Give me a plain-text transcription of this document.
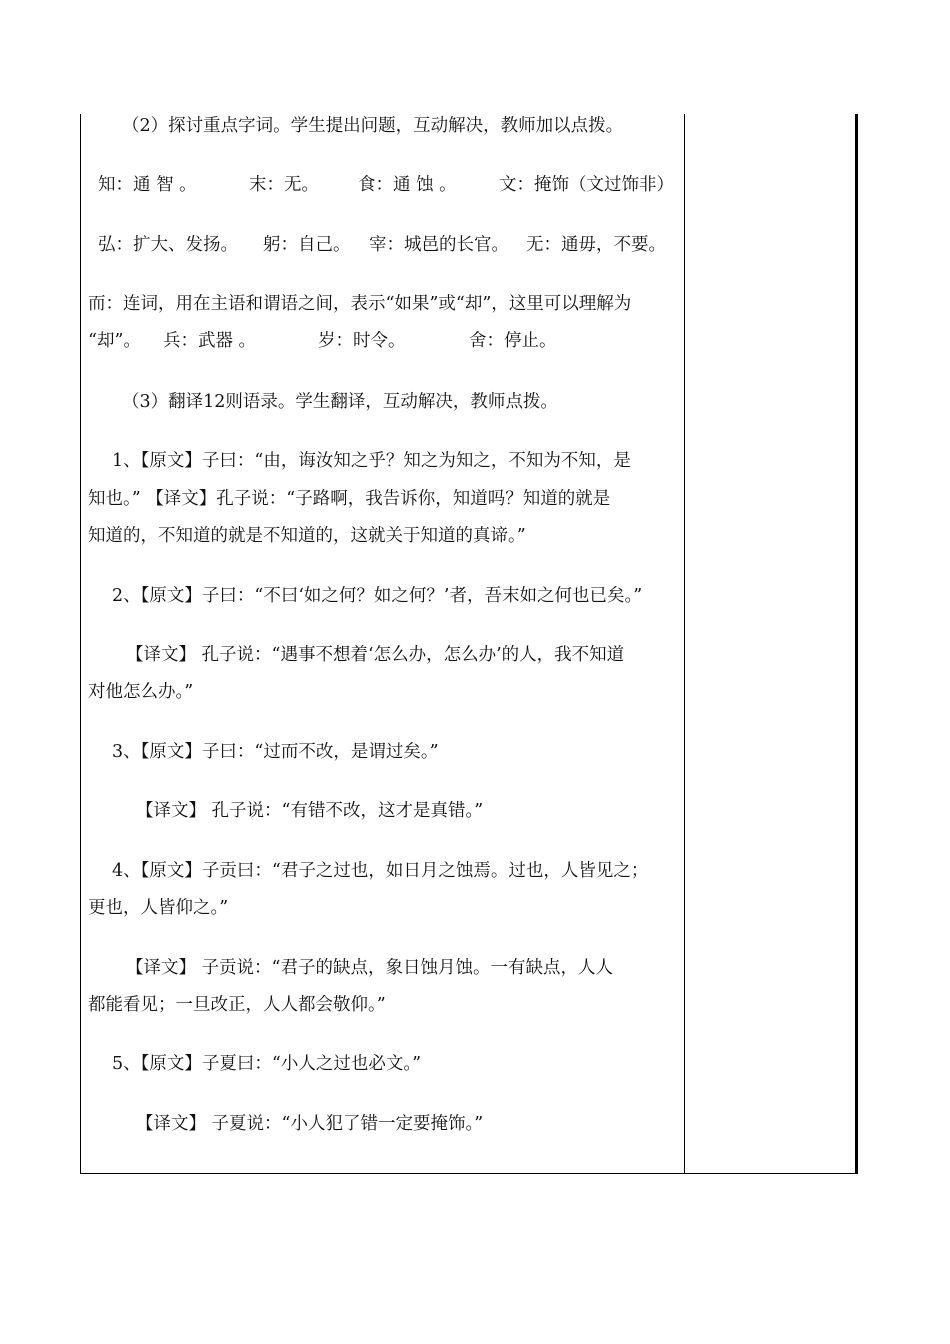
（2）探讨重点字词。学生提出问题，互动解决，教师加以点拨。
知：通 智 。	末：无。	食：通 蚀 。	文：掩饰（文过饰非）
弘：扩大、发扬。	躬：自己。	宰：城邑的长官。 无：通毋，不要。
而：连词，用在主语和谓语之间，表示“如果”或“却”，这里可以理解为
“却”。	兵：武器 。	岁：时令。	舍：停止。
（3）翻译12则语录。学生翻译，互动解决，教师点拨。
1、【原文】子曰：“由，诲汝知之乎？知之为知之，不知为不知，是
知也。” 【译文】孔子说：“子路啊，我告诉你，知道吗？知道的就是
知道的，不知道的就是不知道的，这就关于知道的真谛。”
2、【原文】子曰：“不曰‘如之何？如之何？’者，吾末如之何也已矣。”
【译文】 孔子说：“遇事不想着‘怎么办，怎么办’的人，我不知道
对他怎么办。”
3、【原文】子曰：“过而不改，是谓过矣。”
【译文】 孔子说：“有错不改，这才是真错。”
4、【原文】子贡曰：“君子之过也，如日月之蚀焉。过也，人皆见之；
更也，人皆仰之。”
【译文】 子贡说：“君子的缺点，象日蚀月蚀。一有缺点，人人
都能看见；一旦改正，人人都会敬仰。”
5、【原文】子夏曰：“小人之过也必文。”
【译文】 子夏说：“小人犯了错一定要掩饰。”
